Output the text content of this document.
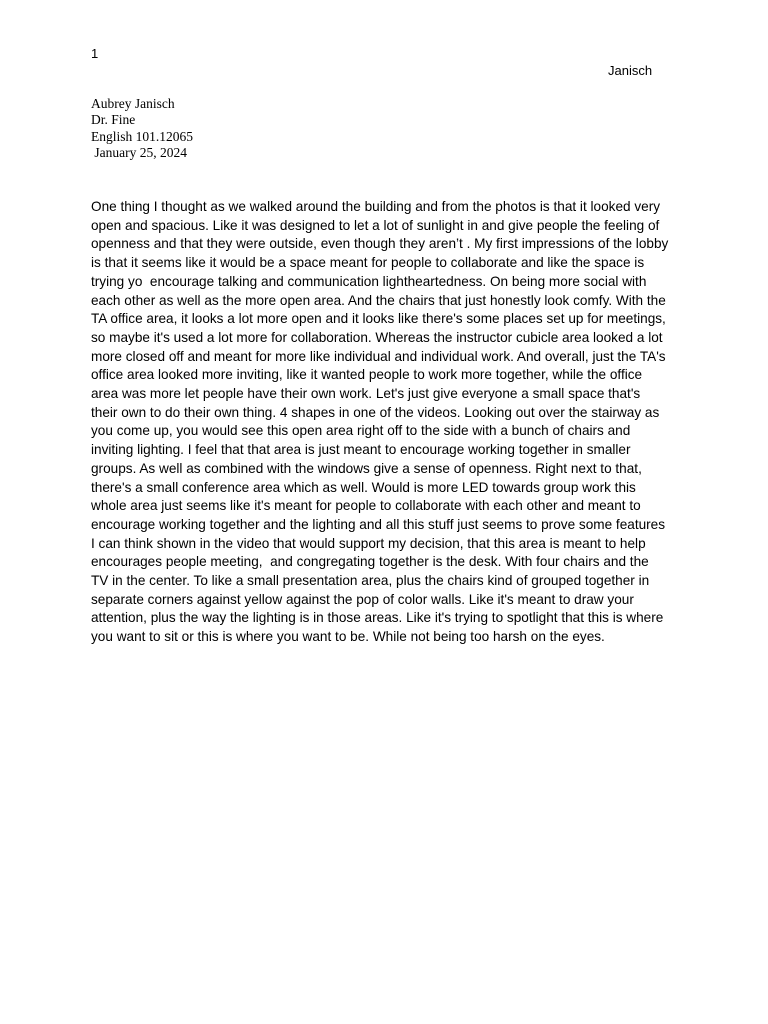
1
Janisch
Aubrey Janisch
Dr. Fine
English 101.12065
January 25, 2024
One thing I thought as we walked around the building and from the photos is that it looked very
open and spacious. Like it was designed to let a lot of sunlight in and give people the feeling of
openness and that they were outside, even though they aren’t . My first impressions of the lobby
is that it seems like it would be a space meant for people to collaborate and like the space is
trying yo  encourage talking and communication lightheartedness. On being more social with
each other as well as the more open area. And the chairs that just honestly look comfy. With the
TA office area, it looks a lot more open and it looks like there's some places set up for meetings,
so maybe it's used a lot more for collaboration. Whereas the instructor cubicle area looked a lot
more closed off and meant for more like individual and individual work. And overall, just the TA's
office area looked more inviting, like it wanted people to work more together, while the office
area was more let people have their own work. Let's just give everyone a small space that's
their own to do their own thing. 4 shapes in one of the videos. Looking out over the stairway as
you come up, you would see this open area right off to the side with a bunch of chairs and
inviting lighting. I feel that that area is just meant to encourage working together in smaller
groups. As well as combined with the windows give a sense of openness. Right next to that,
there's a small conference area which as well. Would is more LED towards group work this
whole area just seems like it's meant for people to collaborate with each other and meant to
encourage working together and the lighting and all this stuff just seems to prove some features
I can think shown in the video that would support my decision, that this area is meant to help
encourages people meeting,  and congregating together is the desk. With four chairs and the
TV in the center. To like a small presentation area, plus the chairs kind of grouped together in
separate corners against yellow against the pop of color walls. Like it's meant to draw your
attention, plus the way the lighting is in those areas. Like it's trying to spotlight that this is where
you want to sit or this is where you want to be. While not being too harsh on the eyes.
